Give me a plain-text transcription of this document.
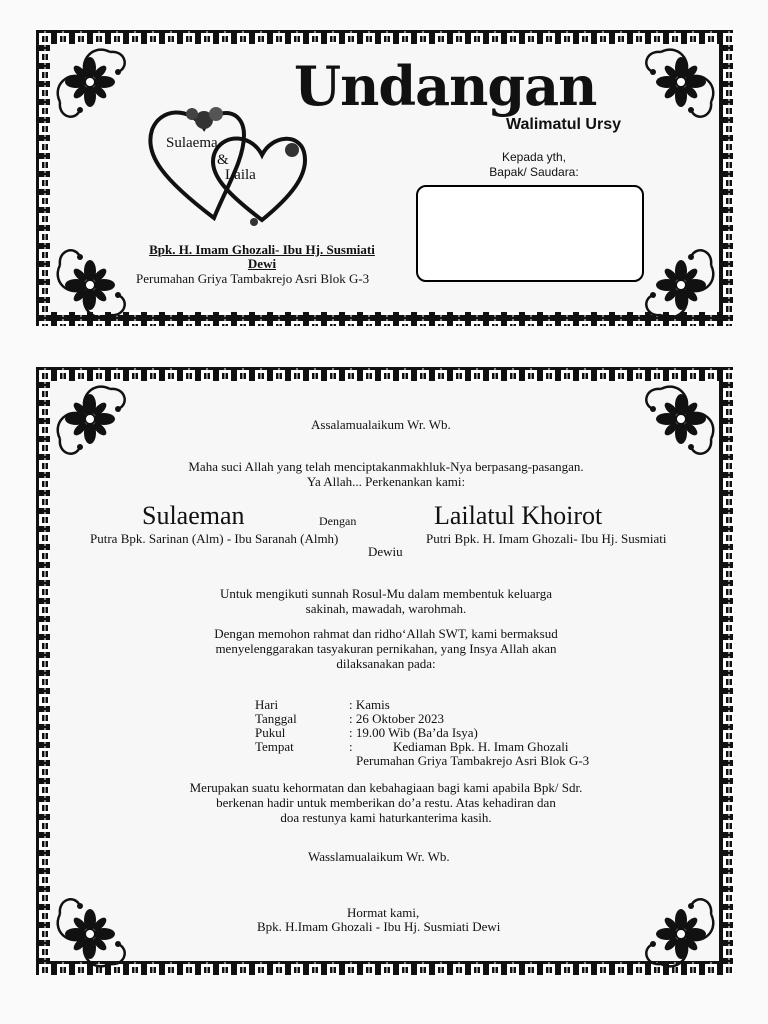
Sulaema
&
Laila
Undangan
Walimatul Ursy
Kepada yth,
Bapak/ Saudara:
Bpk. H. Imam Ghozali- Ibu Hj. Susmiati
Dewi
Perumahan Griya Tambakrejo Asri Blok G-3
Assalamualaikum Wr. Wb.
Maha suci Allah yang telah menciptakanmakhluk-Nya berpasang-pasangan.
Ya Allah... Perkenankan kami:
Sulaeman	Dengan	Lailatul Khoirot
Putra Bpk. Sarinan (Alm) - Ibu Saranah (Almh)	Putri Bpk. H. Imam Ghozali- Ibu Hj. Susmiati
Dewiu
Untuk mengikuti sunnah Rosul-Mu dalam membentuk keluarga
sakinah, mawadah, warohmah.
Dengan memohon rahmat dan ridho‘Allah SWT, kami bermaksud
menyelenggarakan tasyakuran pernikahan, yang Insya Allah akan
dilaksanakan pada:
Hari	: Kamis
Tanggal	: 26 Oktober 2023
Pukul	: 19.00 Wib (Ba’da Isya)
Tempat	:	Kediaman Bpk. H. Imam Ghozali
Perumahan Griya Tambakrejo Asri Blok G-3
Merupakan suatu kehormatan dan kebahagiaan bagi kami apabila Bpk/ Sdr.
berkenan hadir untuk memberikan do’a restu. Atas kehadiran dan
doa restunya kami haturkanterima kasih.
Wasslamualaikum Wr. Wb.
Hormat kami,
Bpk. H.Imam Ghozali - Ibu Hj. Susmiati Dewi
